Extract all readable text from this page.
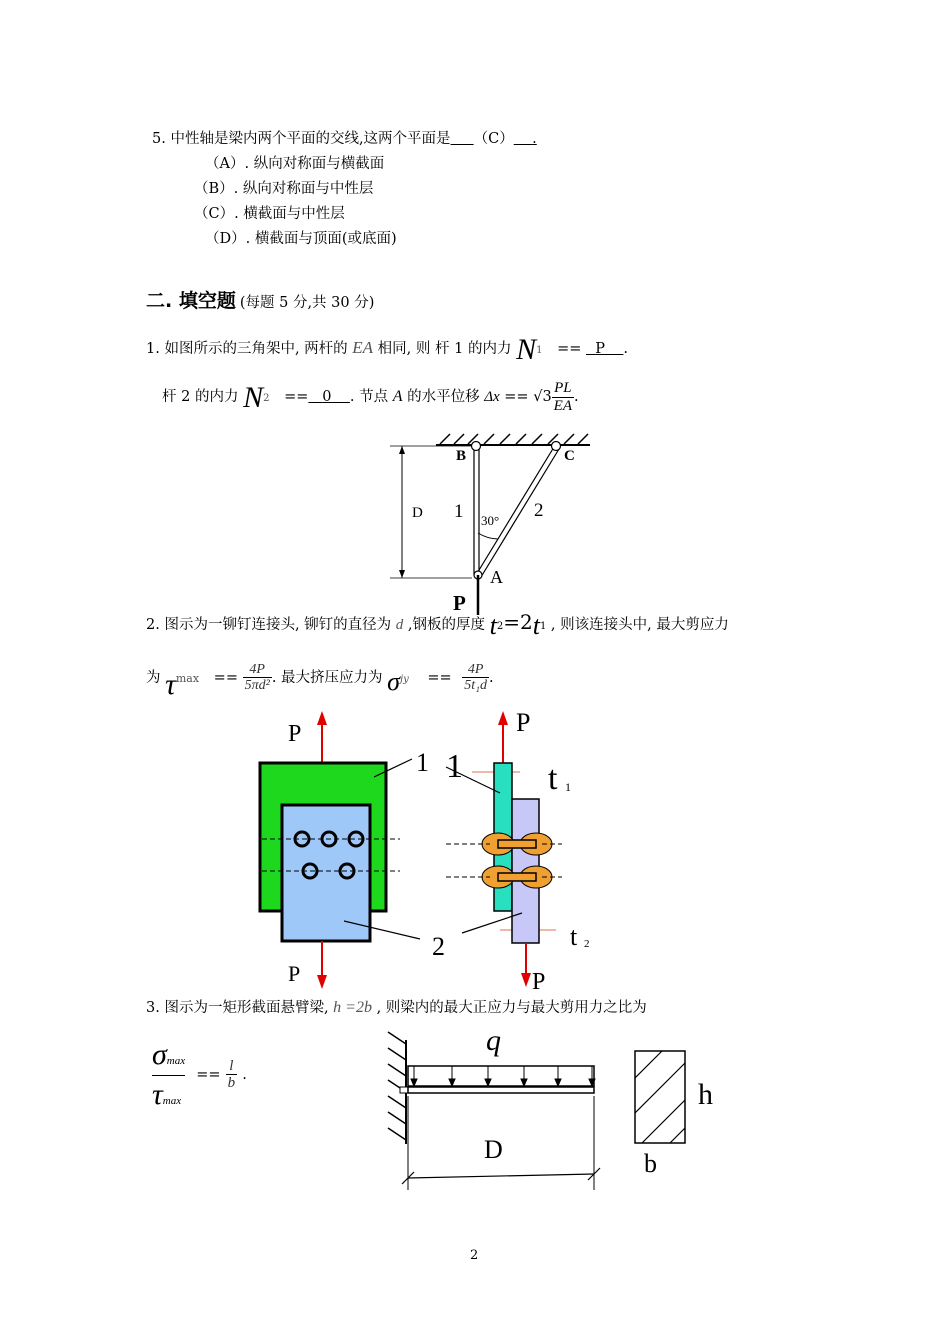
5. 中性轴是梁内两个平面的交线,这两个平面是 （C） .
（A）. 纵向对称面与横截面
（B）. 纵向对称面与中性层
（C）. 横截面与中性层
（D）. 横截面与顶面(或底面)
二. 填空题 (每题 5 分,共 30 分)
1. 如图所示的三角架中, 两杆的 EA 相同, 则 杆 1 的内力 N1 == P .
杆 2 的内力 N2 == 0 . 节点 A 的水平位移 $\Delta x == √3 \frac{PL}{EA}$ .
B	C
D 1	2
30°
A
P
2. 图示为一铆钉连接头, 铆钉的直径为 d ,钢板的厚度 t2=2t1 , 则该连接头中, 最大剪应力
为 $\tau\max == \frac{4P}{\text{5πd²}}$ . 最大挤压应力为 $\sigma jy == \frac{4P}{\text{5t₁d}}$ .
P
1
P
2
P
1	t 1
t 2
P
3. 图示为一矩形截面悬臂梁, h =2b , 则梁内的最大正应力与最大剪用力之比为
σmax
τmax
== $\frac{l}{b}$ .
q
D
h
b
2
